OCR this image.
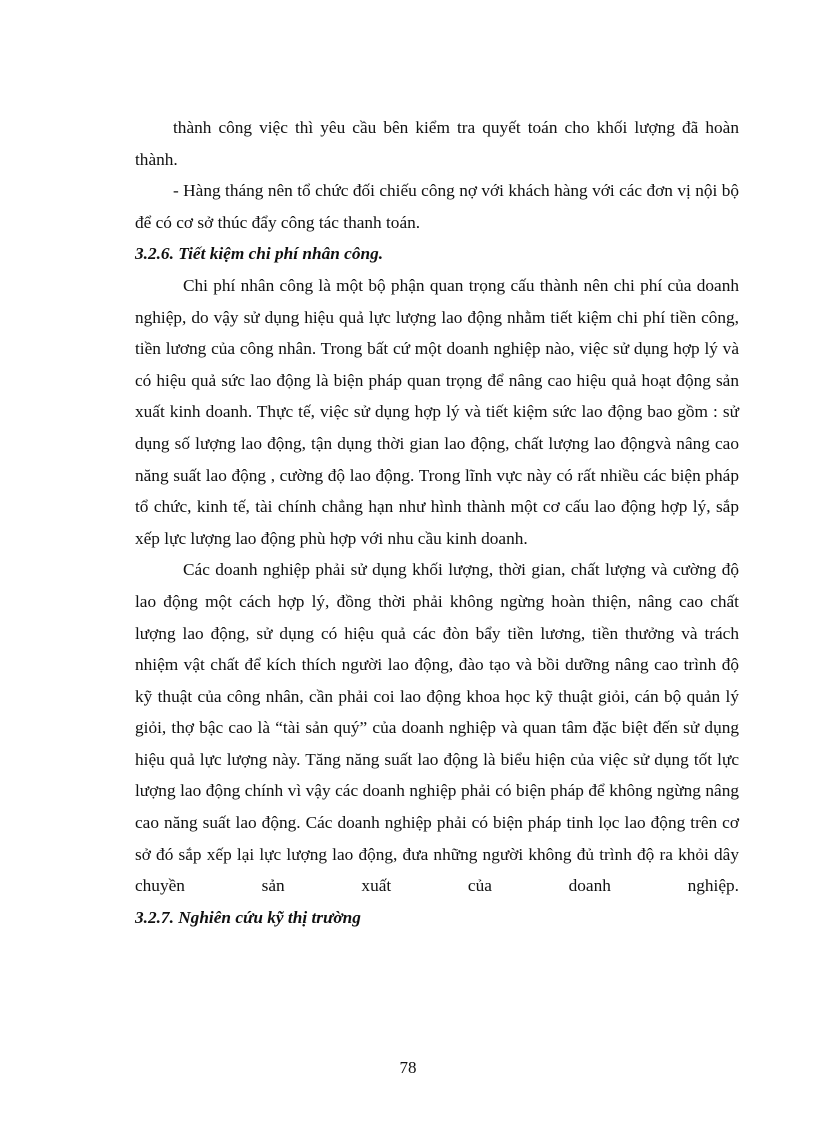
thành công việc thì yêu cầu bên kiểm tra quyết toán cho khối lượng đã hoàn thành.

- Hàng tháng nên tổ chức đối chiếu công nợ với khách hàng với các đơn vị nội bộ để có cơ sở thúc đẩy công tác thanh toán.

3.2.6. Tiết kiệm chi phí nhân công.

Chi phí nhân công là một bộ phận quan trọng cấu thành nên chi phí của doanh nghiệp, do vậy sử dụng hiệu quả lực lượng lao động nhằm tiết kiệm chi phí tiền công, tiền lương của công nhân. Trong bất cứ một doanh nghiệp nào, việc sử dụng hợp lý và có hiệu quả sức lao động là biện pháp quan trọng để nâng cao hiệu quả hoạt động sản xuất kinh doanh. Thực tế, việc sử dụng hợp lý và tiết kiệm sức lao động bao gồm : sử dụng số lượng lao động, tận dụng thời gian lao động, chất lượng lao độngvà nâng cao năng suất lao động , cường độ lao động. Trong lĩnh vực này có rất nhiều các biện pháp tổ chức, kinh tế, tài chính chẳng hạn như hình thành một cơ cấu lao động hợp lý, sắp xếp lực lượng lao động phù hợp với nhu cầu kinh doanh.

Các doanh nghiệp phải sử dụng khối lượng, thời gian, chất lượng và cường độ lao động một cách hợp lý, đồng thời phải không ngừng hoàn thiện, nâng cao chất lượng lao động, sử dụng có hiệu quả các đòn bẩy tiền lương, tiền thưởng và trách nhiệm vật chất để kích thích người lao động, đào tạo và bồi dưỡng nâng cao trình độ kỹ thuật của công nhân, cần phải coi lao động khoa học kỹ thuật giỏi, cán bộ quản lý giỏi, thợ bậc cao là “tài sản quý” của doanh nghiệp và quan tâm đặc biệt đến sử dụng hiệu quả lực lượng này. Tăng năng suất lao động là biểu hiện của việc sử dụng tốt lực lượng lao động chính vì vậy các doanh nghiệp phải có biện pháp để không ngừng nâng cao năng suất lao động. Các doanh nghiệp phải có biện pháp tinh lọc lao động trên cơ sở đó sắp xếp lại lực lượng lao động, đưa những người không đủ trình độ ra khỏi dây chuyền sản xuất của doanh nghiệp.

3.2.7. Nghiên cứu kỹ thị trường

78
